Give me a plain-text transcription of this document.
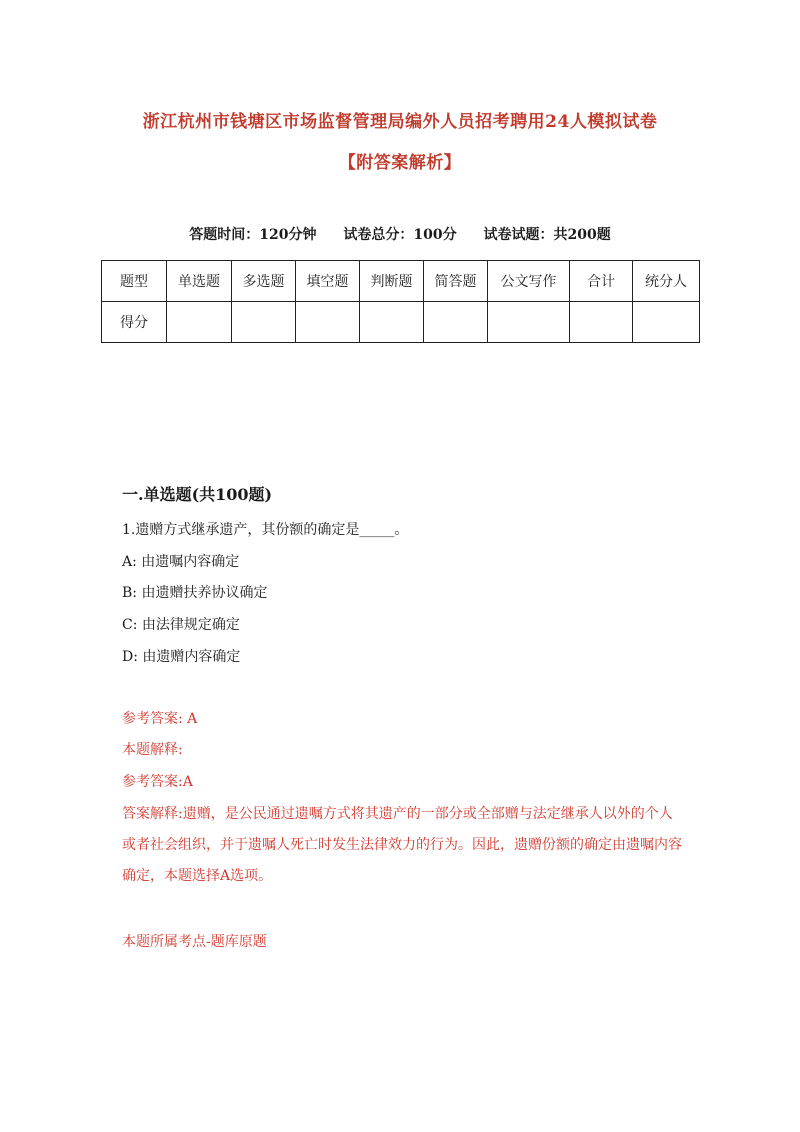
浙江杭州市钱塘区市场监督管理局编外人员招考聘用24人模拟试卷
【附答案解析】
答题时间：120分钟 试卷总分：100分 试卷试题：共200题
题型	单选题	多选题	填空题	判断题	简答题	公文写作	合计	统分人
得分								
一.单选题(共100题)
1.遗赠方式继承遗产，其份额的确定是_____。
A: 由遗嘱内容确定
B: 由遗赠扶养协议确定
C: 由法律规定确定
D: 由遗赠内容确定
参考答案: A
本题解释:
参考答案:A
答案解释:遗赠，是公民通过遗嘱方式将其遗产的一部分或全部赠与法定继承人以外的个人或者社会组织，并于遗嘱人死亡时发生法律效力的行为。因此，遗赠份额的确定由遗嘱内容确定，本题选择A选项。
本题所属考点-题库原题
